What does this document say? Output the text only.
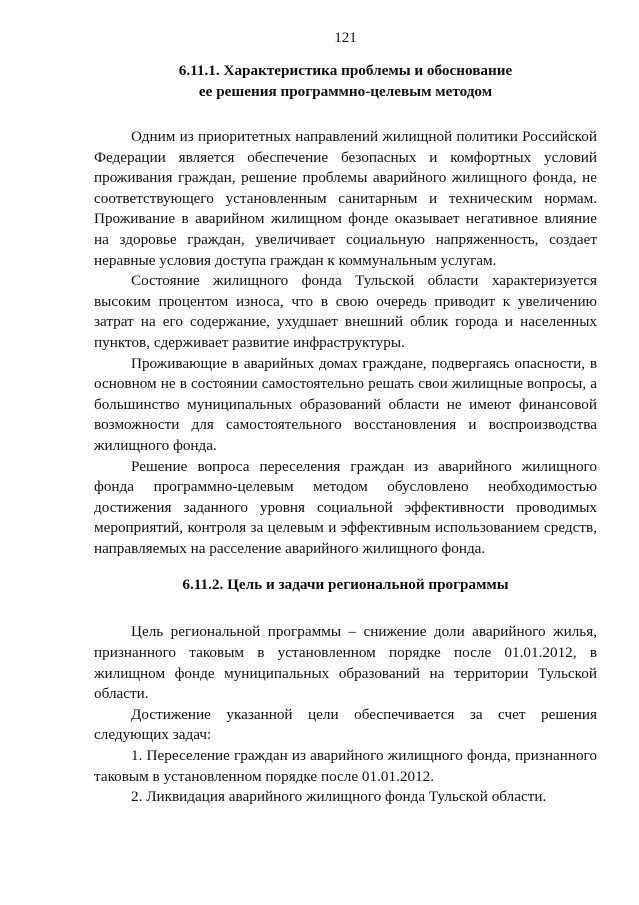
121
6.11.1. Характеристика проблемы и обоснование
ее решения программно-целевым методом

Одним из приоритетных направлений жилищной политики Российской Федерации является обеспечение безопасных и комфортных условий проживания граждан, решение проблемы аварийного жилищного фонда, не соответствующего установленным санитарным и техническим нормам. Проживание в аварийном жилищном фонде оказывает негативное влияние на здоровье граждан, увеличивает социальную напряженность, создает неравные условия доступа граждан к коммунальным услугам.

Состояние жилищного фонда Тульской области характеризуется высоким процентом износа, что в свою очередь приводит к увеличению затрат на его содержание, ухудшает внешний облик города и населенных пунктов, сдерживает развитие инфраструктуры.

Проживающие в аварийных домах граждане, подвергаясь опасности, в основном не в состоянии самостоятельно решать свои жилищные вопросы, а большинство муниципальных образований области не имеют финансовой возможности для самостоятельного восстановления и воспроизводства жилищного фонда.

Решение вопроса переселения граждан из аварийного жилищного фонда программно-целевым методом обусловлено необходимостью достижения заданного уровня социальной эффективности проводимых мероприятий, контроля за целевым и эффективным использованием средств, направляемых на расселение аварийного жилищного фонда.

6.11.2. Цель и задачи региональной программы

Цель региональной программы – снижение доли аварийного жилья, признанного таковым в установленном порядке после 01.01.2012, в жилищном фонде муниципальных образований на территории Тульской области.

Достижение указанной цели обеспечивается за счет решения следующих задач:

1. Переселение граждан из аварийного жилищного фонда, признанного таковым в установленном порядке после 01.01.2012.

2. Ликвидация аварийного жилищного фонда Тульской области.
